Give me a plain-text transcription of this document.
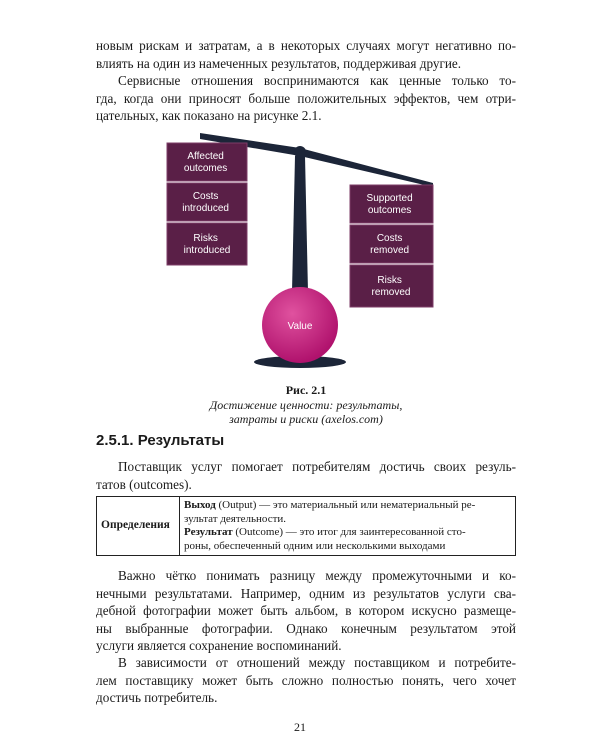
новым рискам и затратам, а в некоторых случаях могут негативно по-
влиять на один из намеченных результатов, поддерживая другие.

Сервисные отношения воспринимаются как ценные только то-
гда, когда они приносят больше положительных эффектов, чем отри-
цательных, как показано на рисунке 2.1.

Affected outcomes Costs introduced Risks introduced
Supported outcomes Costs removed Risks removed
Value
Рис. 2.1
Достижение ценности: результаты,
затраты и риски (axelos.com)
2.5.1. Результаты

Поставщик услуг помогает потребителям достичь своих резуль-
татов (outcomes).

Определения	
Выход (Output) — это материальный или нематериальный ре-
зультат деятельности.
Результат (Outcome) — это итог для заинтересованной сто-
роны, обеспеченный одним или несколькими выходами

Важно чётко понимать разницу между промежуточными и ко-
нечными результатами. Например, одним из результатов услуги сва-
дебной фотографии может быть альбом, в котором искусно размеще-
ны выбранные фотографии. Однако конечным результатом этой
услуги является сохранение воспоминаний.

В зависимости от отношений между поставщиком и потребите-
лем поставщику может быть сложно полностью понять, чего хочет
достичь потребитель.

21
